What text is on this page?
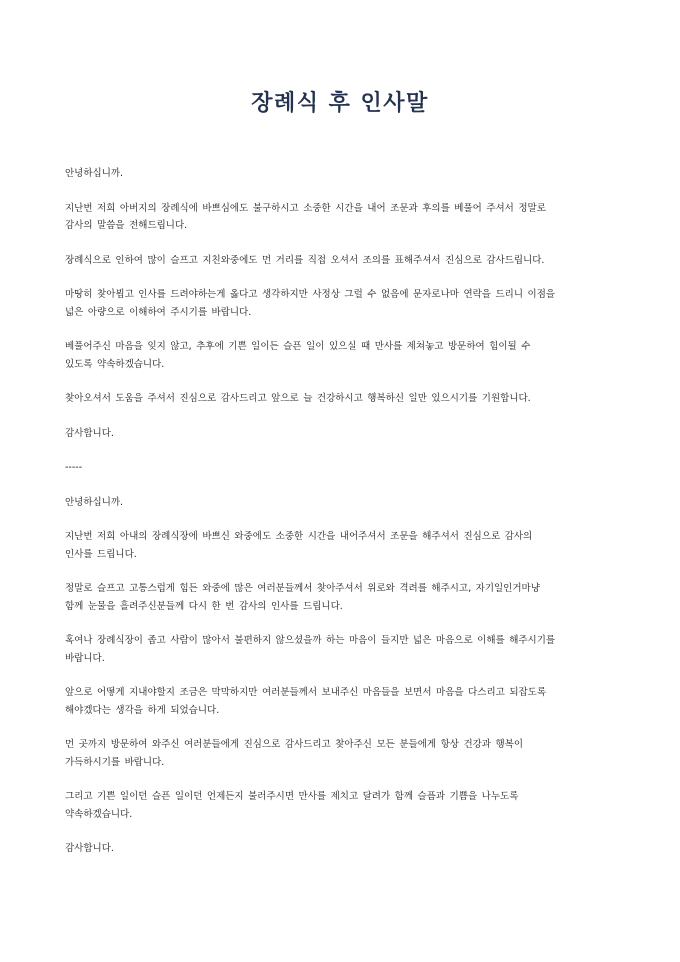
장례식 후 인사말

안녕하십니까.

지난번 저희 아버지의 장례식에 바쁘심에도 불구하시고 소중한 시간을 내어 조문과 후의를 베풀어 주셔서 정말로
감사의 말씀을 전해드립니다.

장례식으로 인하여 많이 슬프고 지친와중에도 먼 거리를 직접 오셔서 조의를 표해주셔서 진심으로 감사드립니다.

마땅히 찾아뵙고 인사를 드려야하는게 옳다고 생각하지만 사정상 그럴 수 없음에 문자로나마 연락을 드리니 이점을
넓은 아량으로 이해하여 주시기를 바랍니다.

베풀어주신 마음을 잊지 않고, 추후에 기쁜 일이든 슬픈 일이 있으실 때 만사를 제쳐놓고 방문하여 힘이될 수
있도록 약속하겠습니다.

찾아오셔서 도움을 주셔서 진심으로 감사드리고 앞으로 늘 건강하시고 행복하신 일만 있으시기를 기원합니다.

감사합니다.

-----

안녕하십니까.

지난번 저희 아내의 장례식장에 바쁘신 와중에도 소중한 시간을 내어주셔서 조문을 해주셔서 진심으로 감사의
인사를 드립니다.

정말로 슬프고 고통스럽게 힘든 와중에 많은 여러분들께서 찾아주셔서 위로와 격려를 해주시고, 자기일인거마냥
함께 눈물을 흘려주신분들께 다시 한 번 감사의 인사를 드립니다.

혹여나 장례식장이 좁고 사람이 많아서 불편하지 않으셨을까 하는 마음이 들지만 넓은 마음으로 이해를 해주시기를
바랍니다.

앞으로 어떻게 지내야할지 조금은 막막하지만 여러분들께서 보내주신 마음들을 보면서 마음을 다스리고 되잡도록
해야겠다는 생각을 하게 되었습니다.

먼 곳까지 방문하여 와주신 여러분들에게 진심으로 감사드리고 찾아주신 모든 분들에게 항상 건강과 행복이
가득하시기를 바랍니다.

그리고 기쁜 일이던 슬픈 일이던 언제든지 불러주시면 만사를 제치고 달려가 함께 슬픔과 기쁨을 나누도록
약속하겠습니다.

감사합니다.
